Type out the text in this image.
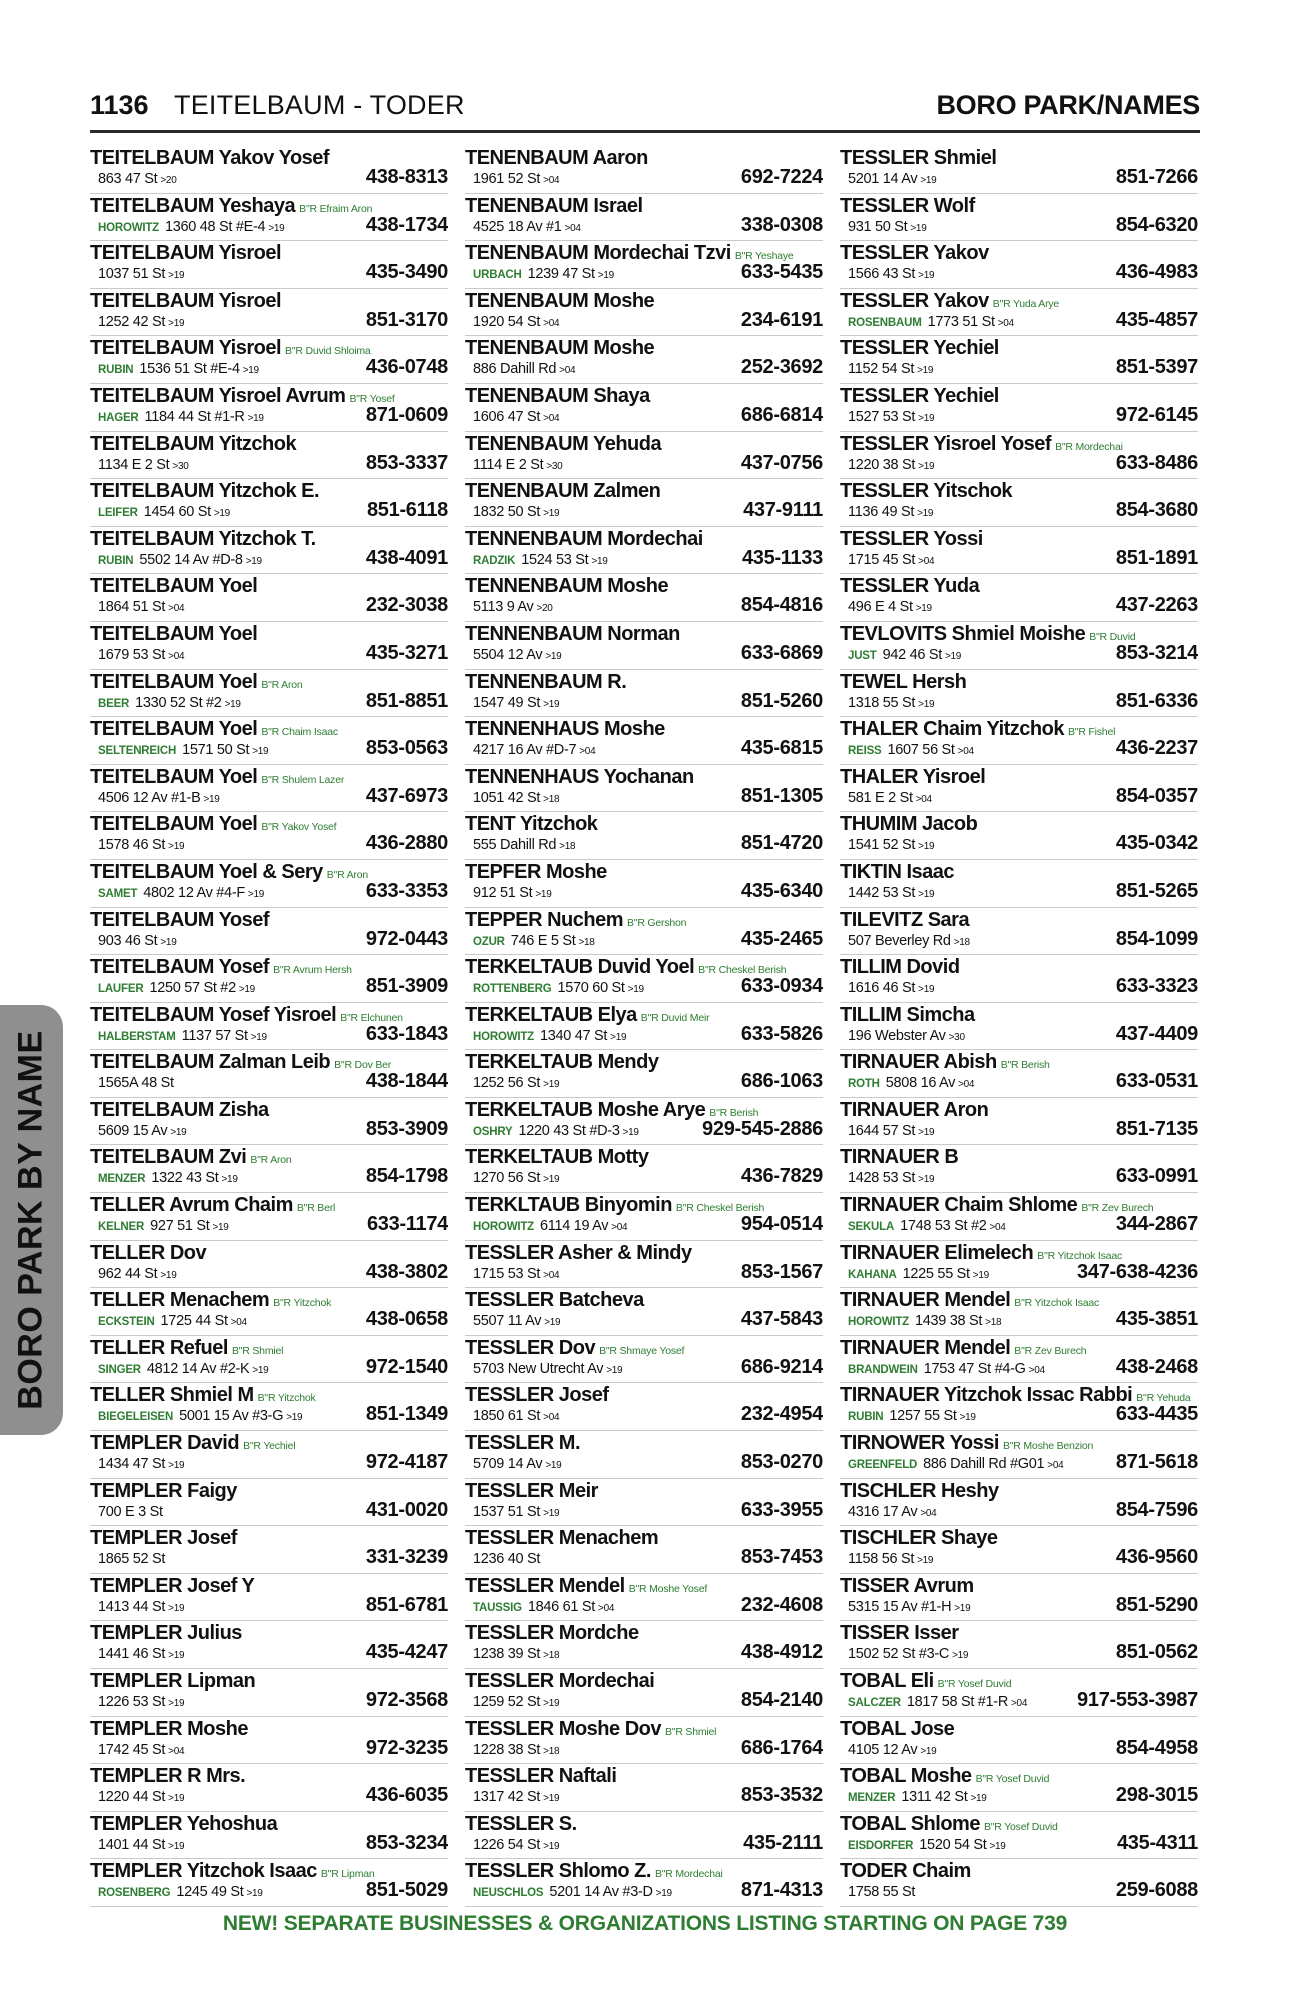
1136 TEITELBAUM - TODER	BORO PARK/NAMES
BORO PARK BY NAME
TEITELBAUM Yakov Yosef
863 47 St >20	438-8313
TEITELBAUM Yeshaya B"R Efraim Aron
HOROWITZ 1360 48 St #E-4 >19	438-1734
TEITELBAUM Yisroel
1037 51 St >19	435-3490
TEITELBAUM Yisroel
1252 42 St >19	851-3170
TEITELBAUM Yisroel B"R Duvid Shloima
RUBIN 1536 51 St #E-4 >19	436-0748
TEITELBAUM Yisroel Avrum B"R Yosef
HAGER 1184 44 St #1-R >19	871-0609
TEITELBAUM Yitzchok
1134 E 2 St >30	853-3337
TEITELBAUM Yitzchok E.
LEIFER 1454 60 St >19	851-6118
TEITELBAUM Yitzchok T.
RUBIN 5502 14 Av #D-8 >19	438-4091
TEITELBAUM Yoel
1864 51 St >04	232-3038
TEITELBAUM Yoel
1679 53 St >04	435-3271
TEITELBAUM Yoel B"R Aron
BEER 1330 52 St #2 >19	851-8851
TEITELBAUM Yoel B"R Chaim Isaac
SELTENREICH 1571 50 St >19	853-0563
TEITELBAUM Yoel B"R Shulem Lazer
4506 12 Av #1-B >19	437-6973
TEITELBAUM Yoel B"R Yakov Yosef
1578 46 St >19	436-2880
TEITELBAUM Yoel & Sery B"R Aron
SAMET 4802 12 Av #4-F >19	633-3353
TEITELBAUM Yosef
903 46 St >19	972-0443
TEITELBAUM Yosef B"R Avrum Hersh
LAUFER 1250 57 St #2 >19	851-3909
TEITELBAUM Yosef Yisroel B"R Elchunen
HALBERSTAM 1137 57 St >19	633-1843
TEITELBAUM Zalman Leib B"R Dov Ber
1565A 48 St	438-1844
TEITELBAUM Zisha
5609 15 Av >19	853-3909
TEITELBAUM Zvi B"R Aron
MENZER 1322 43 St >19	854-1798
TELLER Avrum Chaim B"R Berl
KELNER 927 51 St >19	633-1174
TELLER Dov
962 44 St >19	438-3802
TELLER Menachem B"R Yitzchok
ECKSTEIN 1725 44 St >04	438-0658
TELLER Refuel B"R Shmiel
SINGER 4812 14 Av #2-K >19	972-1540
TELLER Shmiel M B"R Yitzchok
BIEGELEISEN 5001 15 Av #3-G >19	851-1349
TEMPLER David B"R Yechiel
1434 47 St >19	972-4187
TEMPLER Faigy
700 E 3 St	431-0020
TEMPLER Josef
1865 52 St	331-3239
TEMPLER Josef Y
1413 44 St >19	851-6781
TEMPLER Julius
1441 46 St >19	435-4247
TEMPLER Lipman
1226 53 St >19	972-3568
TEMPLER Moshe
1742 45 St >04	972-3235
TEMPLER R Mrs.
1220 44 St >19	436-6035
TEMPLER Yehoshua
1401 44 St >19	853-3234
TEMPLER Yitzchok Isaac B"R Lipman
ROSENBERG 1245 49 St >19	851-5029
TENENBAUM Aaron
1961 52 St >04	692-7224
TENENBAUM Israel
4525 18 Av #1 >04	338-0308
TENENBAUM Mordechai Tzvi B"R Yeshaye
URBACH 1239 47 St >19	633-5435
TENENBAUM Moshe
1920 54 St >04	234-6191
TENENBAUM Moshe
886 Dahill Rd >04	252-3692
TENENBAUM Shaya
1606 47 St >04	686-6814
TENENBAUM Yehuda
1114 E 2 St >30	437-0756
TENENBAUM Zalmen
1832 50 St >19	437-9111
TENNENBAUM Mordechai
RADZIK 1524 53 St >19	435-1133
TENNENBAUM Moshe
5113 9 Av >20	854-4816
TENNENBAUM Norman
5504 12 Av >19	633-6869
TENNENBAUM R.
1547 49 St >19	851-5260
TENNENHAUS Moshe
4217 16 Av #D-7 >04	435-6815
TENNENHAUS Yochanan
1051 42 St >18	851-1305
TENT Yitzchok
555 Dahill Rd >18	851-4720
TEPFER Moshe
912 51 St >19	435-6340
TEPPER Nuchem B"R Gershon
OZUR 746 E 5 St >18	435-2465
TERKELTAUB Duvid Yoel B"R Cheskel Berish
ROTTENBERG 1570 60 St >19	633-0934
TERKELTAUB Elya B"R Duvid Meir
HOROWITZ 1340 47 St >19	633-5826
TERKELTAUB Mendy
1252 56 St >19	686-1063
TERKELTAUB Moshe Arye B"R Berish
OSHRY 1220 43 St #D-3 >19	929-545-2886
TERKELTAUB Motty
1270 56 St >19	436-7829
TERKLTAUB Binyomin B"R Cheskel Berish
HOROWITZ 6114 19 Av >04	954-0514
TESSLER Asher & Mindy
1715 53 St >04	853-1567
TESSLER Batcheva
5507 11 Av >19	437-5843
TESSLER Dov B"R Shmaye Yosef
5703 New Utrecht Av >19	686-9214
TESSLER Josef
1850 61 St >04	232-4954
TESSLER M.
5709 14 Av >19	853-0270
TESSLER Meir
1537 51 St >19	633-3955
TESSLER Menachem
1236 40 St	853-7453
TESSLER Mendel B"R Moshe Yosef
TAUSSIG 1846 61 St >04	232-4608
TESSLER Mordche
1238 39 St >18	438-4912
TESSLER Mordechai
1259 52 St >19	854-2140
TESSLER Moshe Dov B"R Shmiel
1228 38 St >18	686-1764
TESSLER Naftali
1317 42 St >19	853-3532
TESSLER S.
1226 54 St >19	435-2111
TESSLER Shlomo Z. B"R Mordechai
NEUSCHLOS 5201 14 Av #3-D >19	871-4313
TESSLER Shmiel
5201 14 Av >19	851-7266
TESSLER Wolf
931 50 St >19	854-6320
TESSLER Yakov
1566 43 St >19	436-4983
TESSLER Yakov B"R Yuda Arye
ROSENBAUM 1773 51 St >04	435-4857
TESSLER Yechiel
1152 54 St >19	851-5397
TESSLER Yechiel
1527 53 St >19	972-6145
TESSLER Yisroel Yosef B"R Mordechai
1220 38 St >19	633-8486
TESSLER Yitschok
1136 49 St >19	854-3680
TESSLER Yossi
1715 45 St >04	851-1891
TESSLER Yuda
496 E 4 St >19	437-2263
TEVLOVITS Shmiel Moishe B"R Duvid
JUST 942 46 St >19	853-3214
TEWEL Hersh
1318 55 St >19	851-6336
THALER Chaim Yitzchok B"R Fishel
REISS 1607 56 St >04	436-2237
THALER Yisroel
581 E 2 St >04	854-0357
THUMIM Jacob
1541 52 St >19	435-0342
TIKTIN Isaac
1442 53 St >19	851-5265
TILEVITZ Sara
507 Beverley Rd >18	854-1099
TILLIM Dovid
1616 46 St >19	633-3323
TILLIM Simcha
196 Webster Av >30	437-4409
TIRNAUER Abish B"R Berish
ROTH 5808 16 Av >04	633-0531
TIRNAUER Aron
1644 57 St >19	851-7135
TIRNAUER B
1428 53 St >19	633-0991
TIRNAUER Chaim Shlome B"R Zev Burech
SEKULA 1748 53 St #2 >04	344-2867
TIRNAUER Elimelech B"R Yitzchok Isaac
KAHANA 1225 55 St >19	347-638-4236
TIRNAUER Mendel B"R Yitzchok Isaac
HOROWITZ 1439 38 St >18	435-3851
TIRNAUER Mendel B"R Zev Burech
BRANDWEIN 1753 47 St #4-G >04	438-2468
TIRNAUER Yitzchok Issac Rabbi B"R Yehuda
RUBIN 1257 55 St >19	633-4435
TIRNOWER Yossi B"R Moshe Benzion
GREENFELD 886 Dahill Rd #G01 >04	871-5618
TISCHLER Heshy
4316 17 Av >04	854-7596
TISCHLER Shaye
1158 56 St >19	436-9560
TISSER Avrum
5315 15 Av #1-H >19	851-5290
TISSER Isser
1502 52 St #3-C >19	851-0562
TOBAL Eli B"R Yosef Duvid
SALCZER 1817 58 St #1-R >04 917-553-3987
TOBAL Jose
4105 12 Av >19	854-4958
TOBAL Moshe B"R Yosef Duvid
MENZER 1311 42 St >19	298-3015
TOBAL Shlome B"R Yosef Duvid
EISDORFER 1520 54 St >19	435-4311
TODER Chaim
1758 55 St	259-6088
NEW! SEPARATE BUSINESSES & ORGANIZATIONS LISTING STARTING ON PAGE 739
